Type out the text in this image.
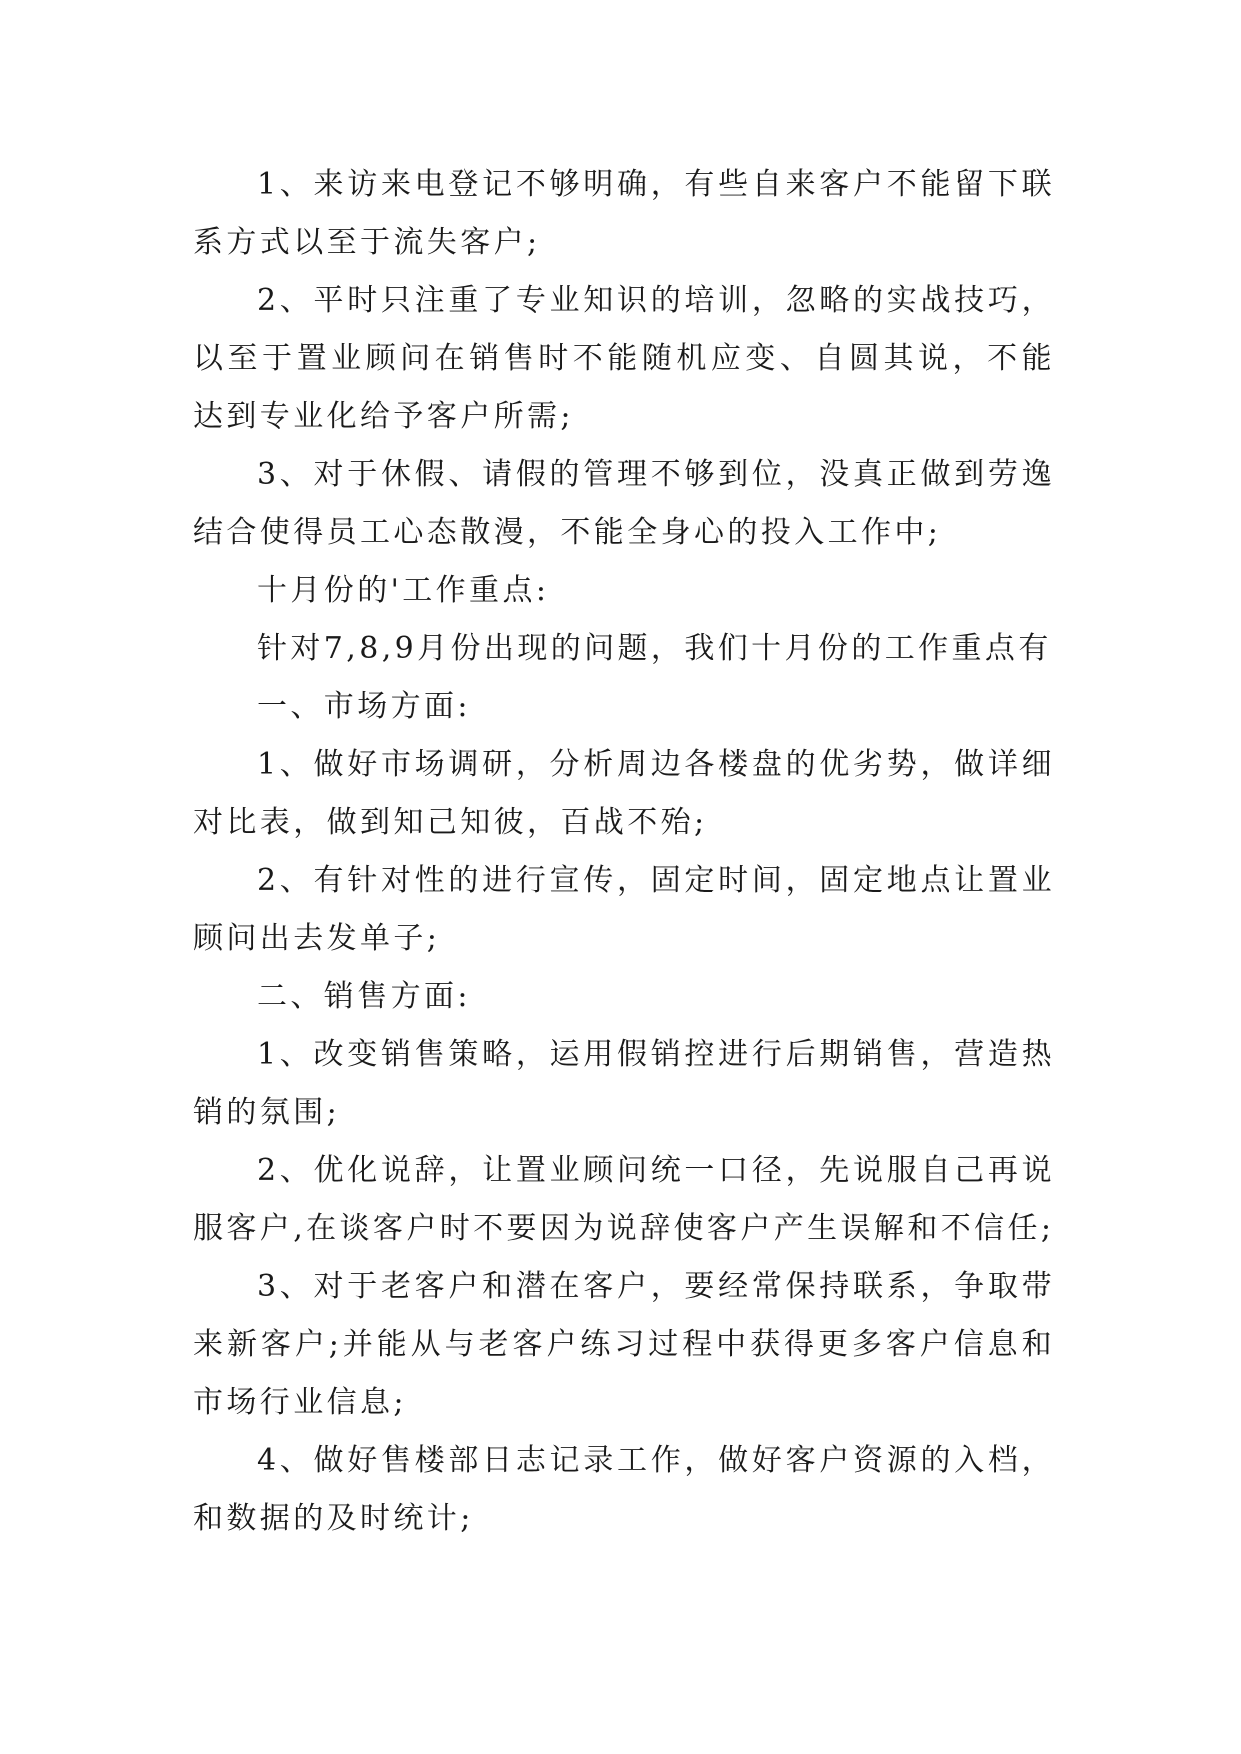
1、来访来电登记不够明确，有些自来客户不能留下联系方式以至于流失客户;

2、平时只注重了专业知识的培训，忽略的实战技巧，以至于置业顾问在销售时不能随机应变、自圆其说，不能达到专业化给予客户所需;

3、对于休假、请假的管理不够到位，没真正做到劳逸结合使得员工心态散漫，不能全身心的投入工作中;

十月份的'工作重点:

针对7,8,9月份出现的问题，我们十月份的工作重点有

一、市场方面:

1、做好市场调研，分析周边各楼盘的优劣势，做详细对比表，做到知己知彼，百战不殆;

2、有针对性的进行宣传，固定时间，固定地点让置业顾问出去发单子;

二、销售方面:

1、改变销售策略，运用假销控进行后期销售，营造热销的氛围;

2、优化说辞，让置业顾问统一口径，先说服自己再说服客户,在谈客户时不要因为说辞使客户产生误解和不信任;

3、对于老客户和潜在客户，要经常保持联系，争取带来新客户;并能从与老客户练习过程中获得更多客户信息和市场行业信息;

4、做好售楼部日志记录工作，做好客户资源的入档，和数据的及时统计;
